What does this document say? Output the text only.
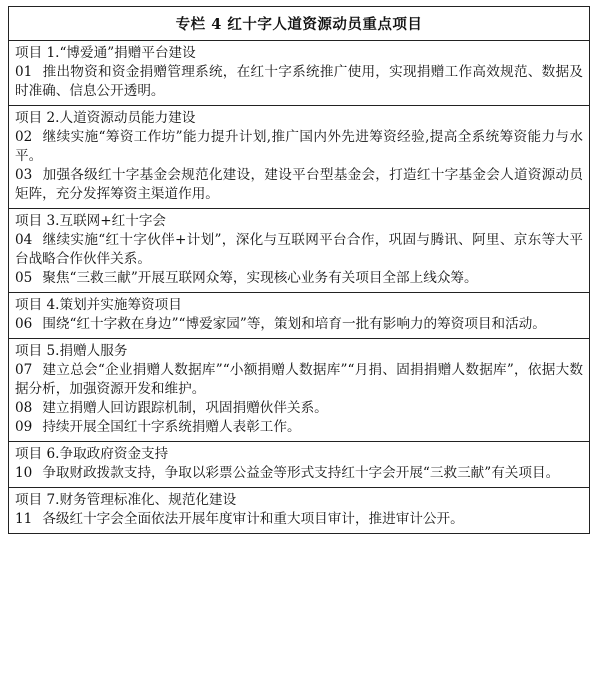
专栏 4 红十字人道资源动员重点项目

项目 1.“博爱通”捐赠平台建设
01 推出物资和资金捐赠管理系统，在红十字系统推广使用，实现捐赠工作高效规范、数据及时准确、信息公开透明。

项目 2.人道资源动员能力建设
02 继续实施“筹资工作坊”能力提升计划,推广国内外先进筹资经验,提高全系统筹资能力与水平。
03 加强各级红十字基金会规范化建设，建设平台型基金会，打造红十字基金会人道资源动员矩阵，充分发挥筹资主渠道作用。

项目 3.互联网+红十字会
04 继续实施“红十字伙伴+计划”，深化与互联网平台合作，巩固与腾讯、阿里、京东等大平台战略合作伙伴关系。
05 聚焦“三救三献”开展互联网众筹，实现核心业务有关项目全部上线众筹。

项目 4.策划并实施筹资项目
06 围绕“红十字救在身边”“博爱家园”等，策划和培育一批有影响力的筹资项目和活动。

项目 5.捐赠人服务
07 建立总会“企业捐赠人数据库”“小额捐赠人数据库”“月捐、固捐捐赠人数据库”，依据大数据分析，加强资源开发和维护。
08 建立捐赠人回访跟踪机制，巩固捐赠伙伴关系。
09 持续开展全国红十字系统捐赠人表彰工作。

项目 6.争取政府资金支持
10 争取财政拨款支持，争取以彩票公益金等形式支持红十字会开展“三救三献”有关项目。

项目 7.财务管理标准化、规范化建设
11 各级红十字会全面依法开展年度审计和重大项目审计，推进审计公开。
